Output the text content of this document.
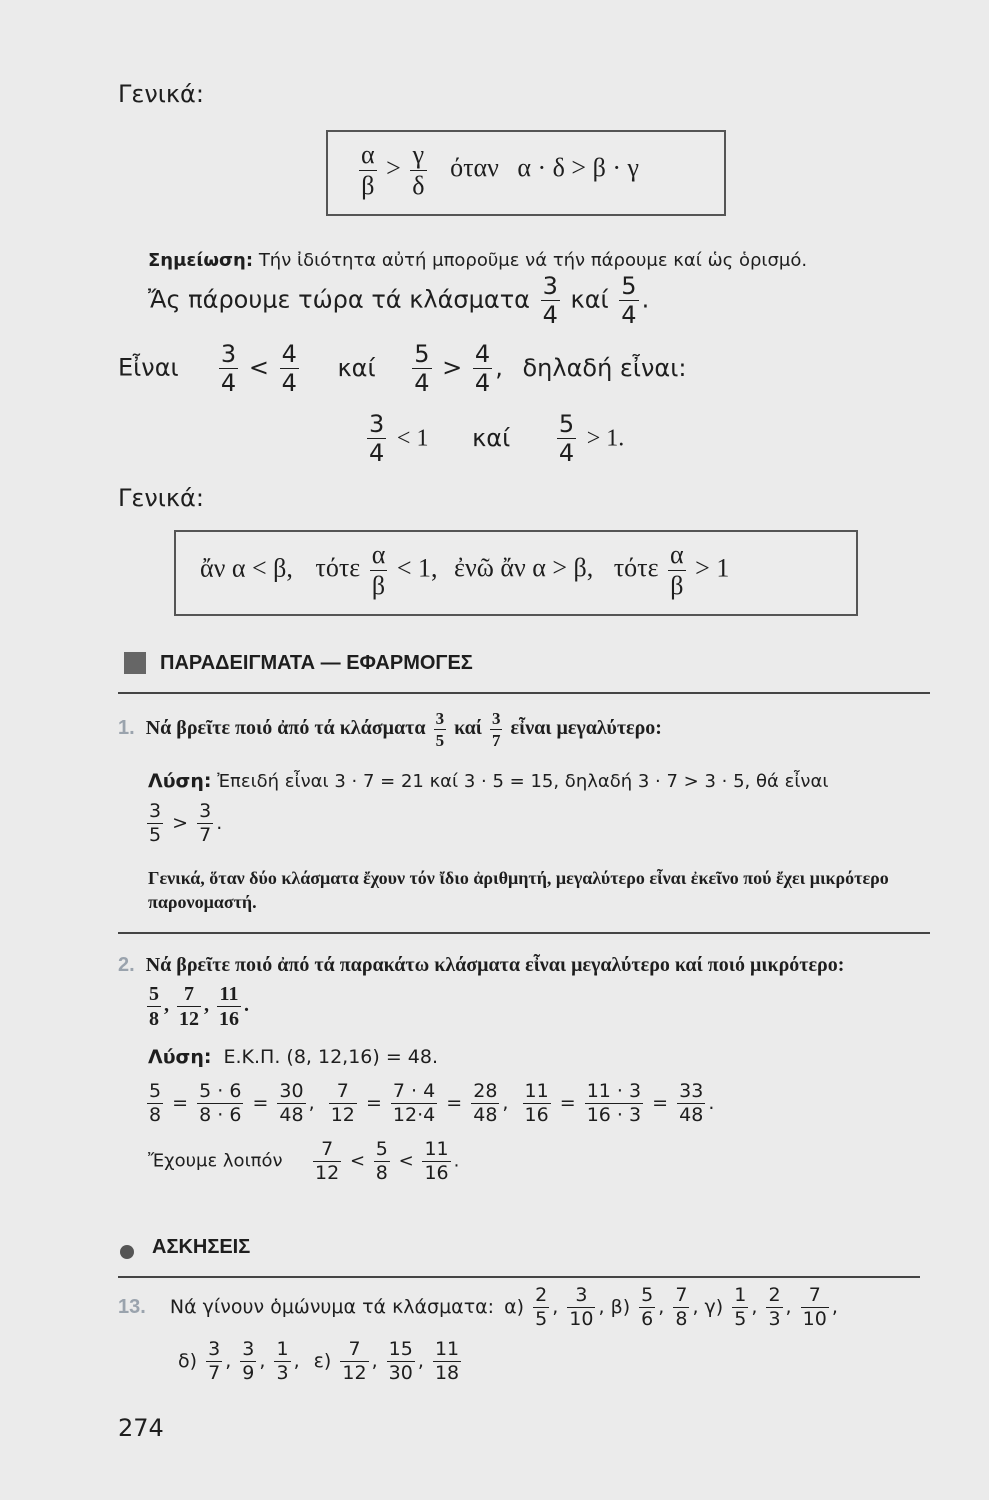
Γενικά:
$\frac{\alpha}{\beta} > \frac{\gamma}{\delta}$ όταν α · δ > β · γ
Σημείωση: Τήν ἰδιότητα αὐτή μποροῦμε νά τήν πάρουμε καί ὡς ὁρισμό.
Ἄς πάρουμε τώρα τά κλάσματα $\frac{3}{4}$ καί $\frac{5}{4}$ .
Εἶναι $\frac{3}{4} < \frac{4}{4}$ καί $\frac{5}{4} > \frac{4}{4}$ , δηλαδή εἶναι:
$\frac{3}{4} < 1$ καί $\frac{5}{4} > 1$.
Γενικά:
ἄν α < β, τότε $\frac{\alpha}{\beta} < 1$, ἐνῶ ἄν α > β, τότε $\frac{\alpha}{\beta} > 1$
ΠΑΡΑΔΕΙΓΜΑΤΑ — ΕΦΑΡΜΟΓΕΣ
1. Νά βρεῖτε ποιό ἀπό τά κλάσματα $\frac{3}{5}$ καί $\frac{3}{7}$ εἶναι μεγαλύτερο:
Λύση: Ἐπειδή εἶναι 3 · 7 = 21 καί 3 · 5 = 15, δηλαδή 3 · 7 > 3 · 5, θά εἶναι
$\frac{3}{5} > \frac{3}{7}$ .
Γενικά, ὅταν δύο κλάσματα ἔχουν τόν ἴδιο ἀριθμητή, μεγαλύτερο εἶναι ἐκεῖνο πού ἔχει μικρότερο παρονομαστή.
2. Νά βρεῖτε ποιό ἀπό τά παρακάτω κλάσματα εἶναι μεγαλύτερο καί ποιό μικρότερο:
$\frac{5}{8}$ , $\frac{7}{12}$ , $\frac{11}{16}$ .
Λύση: Ε.Κ.Π. (8, 12,16) = 48.
$\frac{5}{8} = \frac{5 \cdot 6}{8 \cdot 6} = \frac{30}{48}$ , $\frac{7}{12} = \frac{7 \cdot 4}{12\cdot 4} = \frac{28}{48}$ , $\frac{11}{16} = \frac{11 \cdot 3}{16 \cdot 3} = \frac{33}{48}$ .
Ἔχουμε λοιπόν $\frac{7}{12} < \frac{5}{8} < \frac{11}{16}$ .
ΑΣΚΗΣΕΙΣ
13. Νά γίνουν ὁμώνυμα τά κλάσματα: $\alpha) \frac{2}{5}$ , $\frac{3}{10}$ , $\beta) \frac{5}{6}$ , $\frac{7}{8}$ , $\gamma) \frac{1}{5}$ , $\frac{2}{3}$ , $\frac{7}{10}$ ,
$\delta) \frac{3}{7}$ , $\frac{3}{9}$ , $\frac{1}{3}$ , $\varepsilon) \frac{7}{12}$ , $\frac{15}{30}$ , $\frac{11}{18}$
274
